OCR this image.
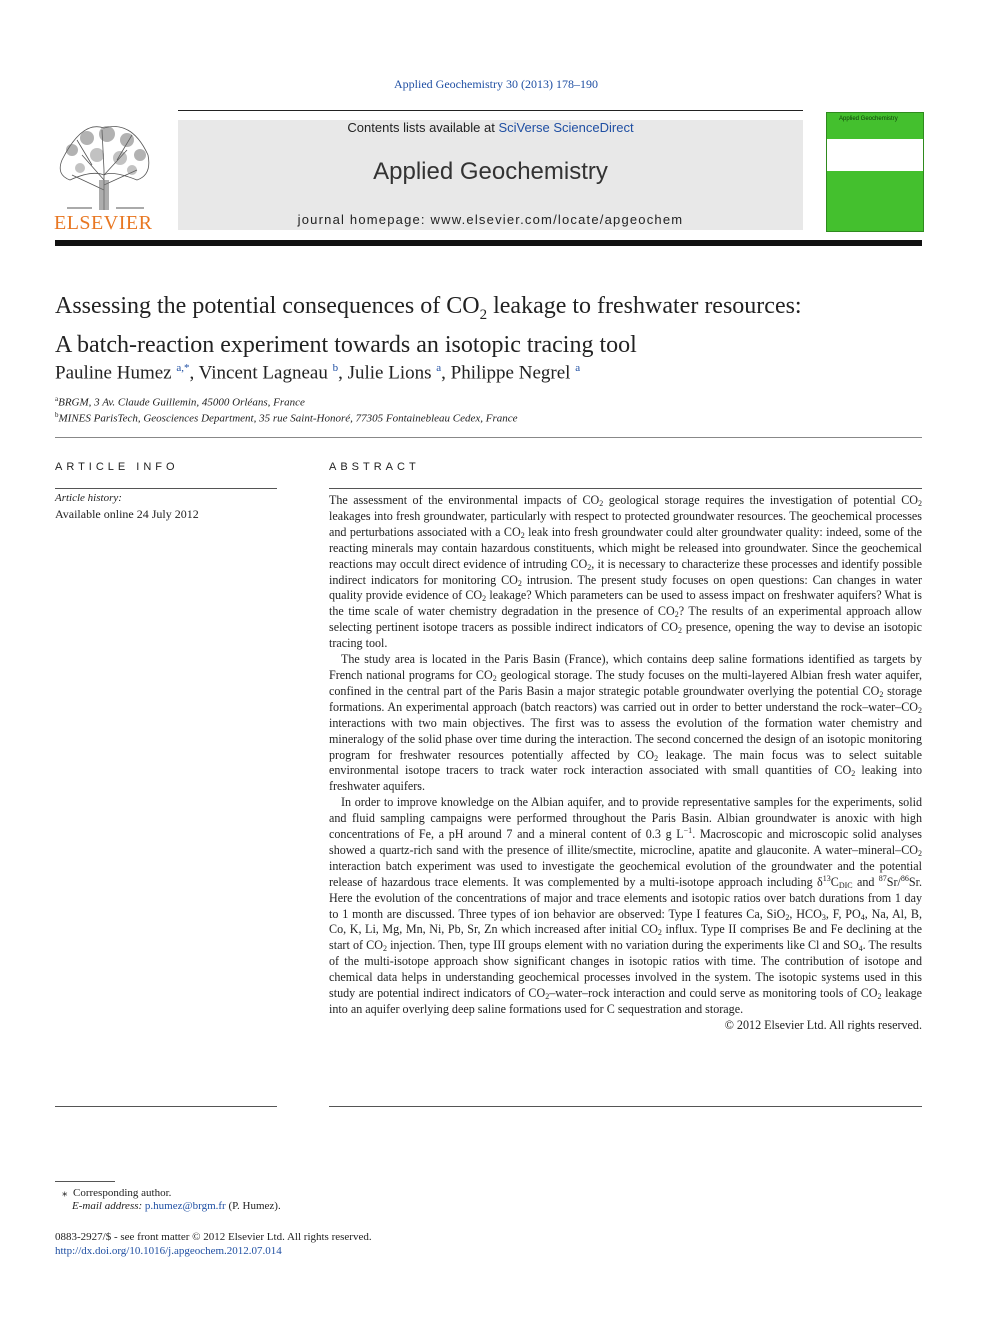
Applied Geochemistry 30 (2013) 178–190
ELSEVIER
Contents lists available at SciVerse ScienceDirect
Applied Geochemistry
journal homepage: www.elsevier.com/locate/apgeochem
Applied Geochemistry
Assessing the potential consequences of $CO_2$ leakage to freshwater resources:
A batch-reaction experiment towards an isotopic tracing tool
Pauline Humez $^{a,*}$, Vincent Lagneau $^b$, Julie Lions $^a$, Philippe Negrel $^a$
$^a$BRGM, 3 Av. Claude Guillemin, 45000 Orléans, France
$^b$MINES ParisTech, Geosciences Department, 35 rue Saint-Honoré, 77305 Fontainebleau Cedex, France
ARTICLE INFO	ABSTRACT
Article history:
Available online 24 July 2012

The assessment of the environmental impacts of $CO_2$ geological storage requires the investigation of potential $CO_2$ leakages into fresh groundwater, particularly with respect to protected groundwater resources. The geochemical processes and perturbations associated with a $CO_2$ leak into fresh groundwater could alter groundwater quality: indeed, some of the reacting minerals may contain hazardous constituents, which might be released into groundwater. Since the geochemical reactions may occult direct evidence of intruding $CO_2$, it is necessary to characterize these processes and identify possible indirect indicators for monitoring $CO_2$ intrusion. The present study focuses on open questions: Can changes in water quality provide evidence of $CO_2$ leakage? Which parameters can be used to assess impact on freshwater aquifers? What is the time scale of water chemistry degradation in the presence of $CO_2$? The results of an experimental approach allow selecting pertinent isotope tracers as possible indirect indicators of $CO_2$ presence, opening the way to devise an isotopic tracing tool.

The study area is located in the Paris Basin (France), which contains deep saline formations identified as targets by French national programs for $CO_2$ geological storage. The study focuses on the multi-layered Albian fresh water aquifer, confined in the central part of the Paris Basin a major strategic potable groundwater overlying the potential $CO_2$ storage formations. An experimental approach (batch reactors) was carried out in order to better understand the rock–$water-CO_2$ interactions with two main objectives. The first was to assess the evolution of the formation water chemistry and mineralogy of the solid phase over time during the interaction. The second concerned the design of an isotopic monitoring program for freshwater resources potentially affected by $CO_2$ leakage. The main focus was to select suitable environmental isotope tracers to track water rock interaction associated with small quantities of $CO_2$ leaking into freshwater aquifers.

In order to improve knowledge on the Albian aquifer, and to provide representative samples for the experiments, solid and fluid sampling campaigns were performed throughout the Paris Basin. Albian groundwater is anoxic with high concentrations of Fe, a pH around 7 and a mineral content of 0.3 g $L^{-1}$. Macroscopic and microscopic solid analyses showed a quartz-rich sand with the presence of illite/smectite, microcline, apatite and glauconite. A water–$mineral-CO_2$ interaction batch experiment was used to investigate the geochemical evolution of the groundwater and the potential release of hazardous trace elements. It was complemented by a multi-isotope approach including $\delta^{13}C_{DIC}$ and $^{87}$Sr/$^{86}$Sr. Here the evolution of the concentrations of major and trace elements and isotopic ratios over batch durations from 1 day to 1 month are discussed. Three types of ion behavior are observed: Type I features Ca, SiO$_2$, $HCO_3$, F, $PO_4$, Na, Al, B, Co, K, Li, Mg, Mn, Ni, Pb, Sr, Zn which increased after initial $CO_2$ influx. Type II comprises Be and Fe declining at the start of $CO_2$ injection. Then, type III groups element with no variation during the experiments like Cl and $SO_4$. The results of the multi-isotope approach show significant changes in isotopic ratios with time. The contribution of isotope and chemical data helps in understanding geochemical processes involved in the system. The isotopic systems used in this study are potential indirect indicators of $CO_2-water$–rock interaction and could serve as monitoring tools of $CO_2$ leakage into an aquifer overlying deep saline formations used for C sequestration and storage.

© 2012 Elsevier Ltd. All rights reserved.

⁎  Corresponding author.
E-mail address: p.humez@brgm.fr (P. Humez).
0883-2927/$ - see front matter © 2012 Elsevier Ltd. All rights reserved.
http://dx.doi.org/10.1016/j.apgeochem.2012.07.014
